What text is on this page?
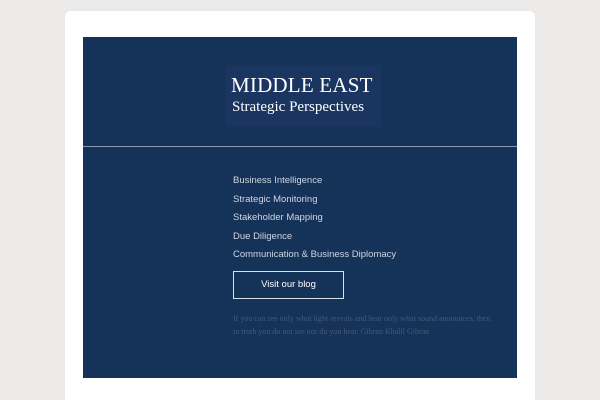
MIDDLE EAST
Strategic Perspectives
Business Intelligence
Strategic Monitoring
Stakeholder Mapping
Due Diligence
Communication & Business Diplomacy
Visit our blog

If you can see only what light reveals and hear only what sound announces, then in truth you do not see nor do you hear. Gibran Khalil Gibran
